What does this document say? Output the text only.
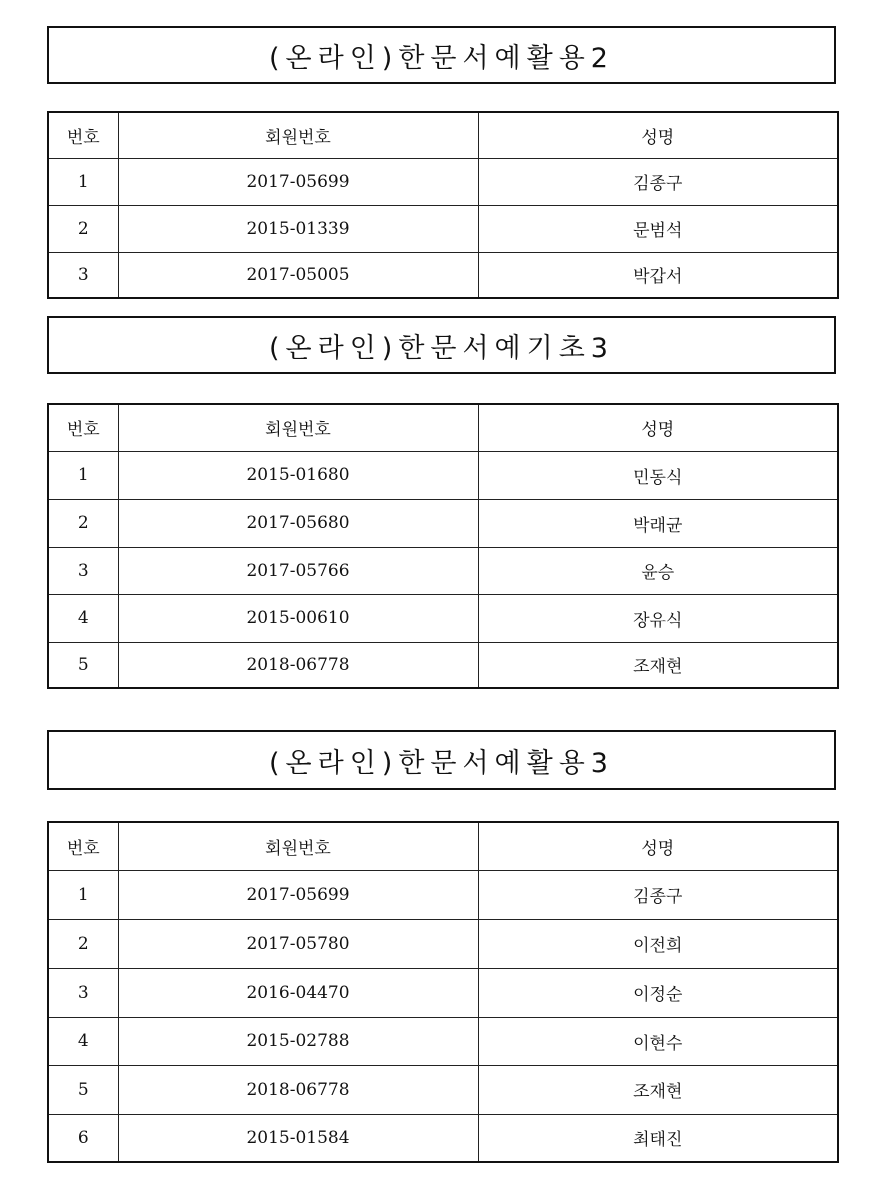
(온라인)한문서예활용2
번호	회원번호	성명
1	2017-05699	김종구
2	2015-01339	문범석
3	2017-05005	박갑서
(온라인)한문서예기초3
번호	회원번호	성명
1	2015-01680	민동식
2	2017-05680	박래균
3	2017-05766	윤승
4	2015-00610	장유식
5	2018-06778	조재현
(온라인)한문서예활용3
번호	회원번호	성명
1	2017-05699	김종구
2	2017-05780	이전희
3	2016-04470	이정순
4	2015-02788	이현수
5	2018-06778	조재현
6	2015-01584	최태진
